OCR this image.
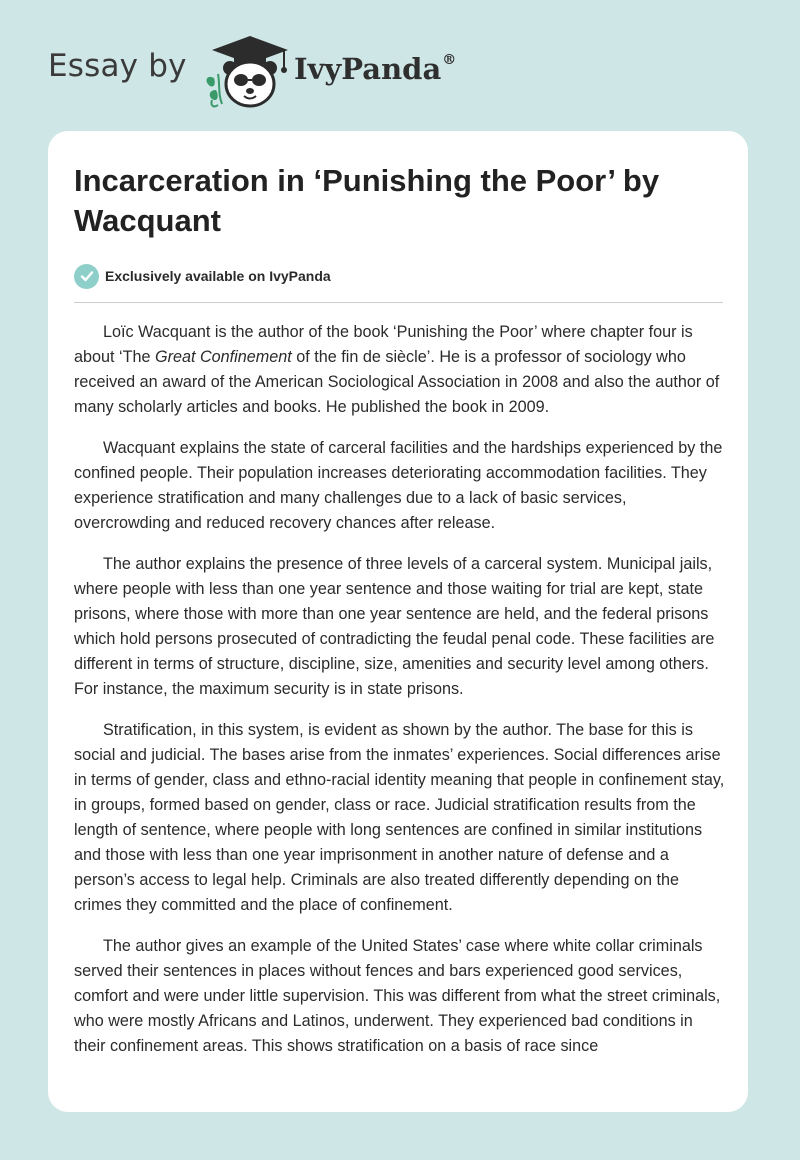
Essay by	IvyPanda®
Incarceration in ‘Punishing the Poor’ by Wacquant
Exclusively available on IvyPanda

Loïc Wacquant is the author of the book ‘Punishing the Poor’ where chapter four is about ‘The Great Confinement of the fin de siècle’. He is a professor of sociology who received an award of the American Sociological Association in 2008 and also the author of many scholarly articles and books. He published the book in 2009.

Wacquant explains the state of carceral facilities and the hardships experienced by the confined people. Their population increases deteriorating accommodation facilities. They experience stratification and many challenges due to a lack of basic services, overcrowding and reduced recovery chances after release.

The author explains the presence of three levels of a carceral system. Municipal jails, where people with less than one year sentence and those waiting for trial are kept, state prisons, where those with more than one year sentence are held, and the federal prisons which hold persons prosecuted of contradicting the feudal penal code. These facilities are different in terms of structure, discipline, size, amenities and security level among others. For instance, the maximum security is in state prisons.

Stratification, in this system, is evident as shown by the author. The base for this is social and judicial. The bases arise from the inmates’ experiences. Social differences arise in terms of gender, class and ethno-racial identity meaning that people in confinement stay, in groups, formed based on gender, class or race. Judicial stratification results from the length of sentence, where people with long sentences are confined in similar institutions and those with less than one year imprisonment in another nature of defense and a person’s access to legal help. Criminals are also treated differently depending on the crimes they committed and the place of confinement.

The author gives an example of the United States’ case where white collar criminals served their sentences in places without fences and bars experienced good services, comfort and were under little supervision. This was different from what the street criminals, who were mostly Africans and Latinos, underwent. They experienced bad conditions in their confinement areas. This shows stratification on a basis of race since
